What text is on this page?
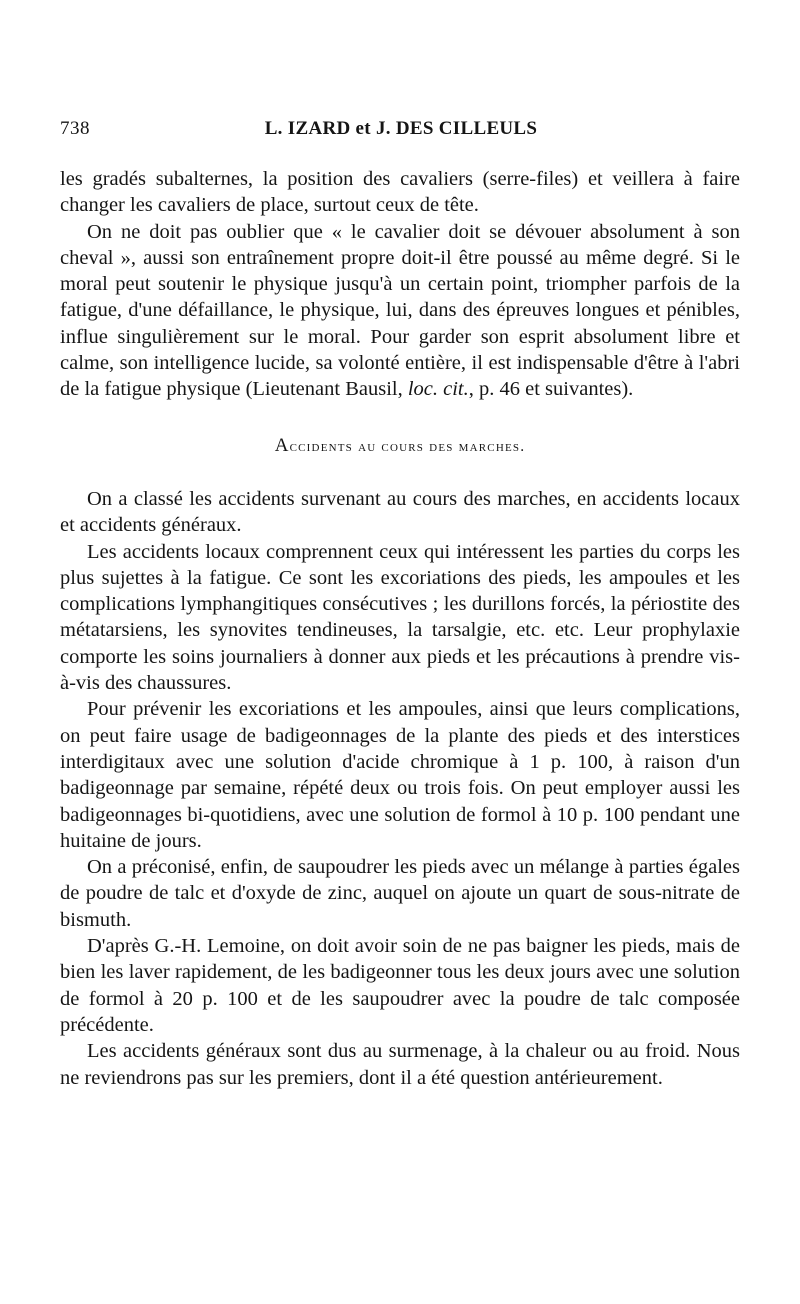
738	L. IZARD et J. DES CILLEULS

les gradés subalternes, la position des cavaliers (serre-files) et veillera à faire changer les cavaliers de place, surtout ceux de tête.

On ne doit pas oublier que « le cavalier doit se dévouer absolument à son cheval », aussi son entraînement propre doit-il être poussé au même degré. Si le moral peut soutenir le physique jusqu'à un certain point, triompher parfois de la fatigue, d'une défaillance, le physique, lui, dans des épreuves longues et pénibles, influe singulièrement sur le moral. Pour garder son esprit absolument libre et calme, son intelligence lucide, sa volonté entière, il est indispensable d'être à l'abri de la fatigue physique (Lieutenant Bausil, loc. cit., p. 46 et suivantes).

Accidents au cours des marches.

On a classé les accidents survenant au cours des marches, en accidents locaux et accidents généraux.

Les accidents locaux comprennent ceux qui intéressent les parties du corps les plus sujettes à la fatigue. Ce sont les excoriations des pieds, les ampoules et les complications lymphangitiques consécutives ; les durillons forcés, la périostite des métatarsiens, les synovites tendineuses, la tarsalgie, etc. etc. Leur prophylaxie comporte les soins journaliers à donner aux pieds et les précautions à prendre vis-à-vis des chaussures.

Pour prévenir les excoriations et les ampoules, ainsi que leurs complications, on peut faire usage de badigeonnages de la plante des pieds et des interstices interdigitaux avec une solution d'acide chromique à 1 p. 100, à raison d'un badigeonnage par semaine, répété deux ou trois fois. On peut employer aussi les badigeonnages bi-quotidiens, avec une solution de formol à 10 p. 100 pendant une huitaine de jours.

On a préconisé, enfin, de saupoudrer les pieds avec un mélange à parties égales de poudre de talc et d'oxyde de zinc, auquel on ajoute un quart de sous-nitrate de bismuth.

D'après G.-H. Lemoine, on doit avoir soin de ne pas baigner les pieds, mais de bien les laver rapidement, de les badigeonner tous les deux jours avec une solution de formol à 20 p. 100 et de les saupoudrer avec la poudre de talc composée précédente.

Les accidents généraux sont dus au surmenage, à la chaleur ou au froid. Nous ne reviendrons pas sur les premiers, dont il a été question antérieurement.
